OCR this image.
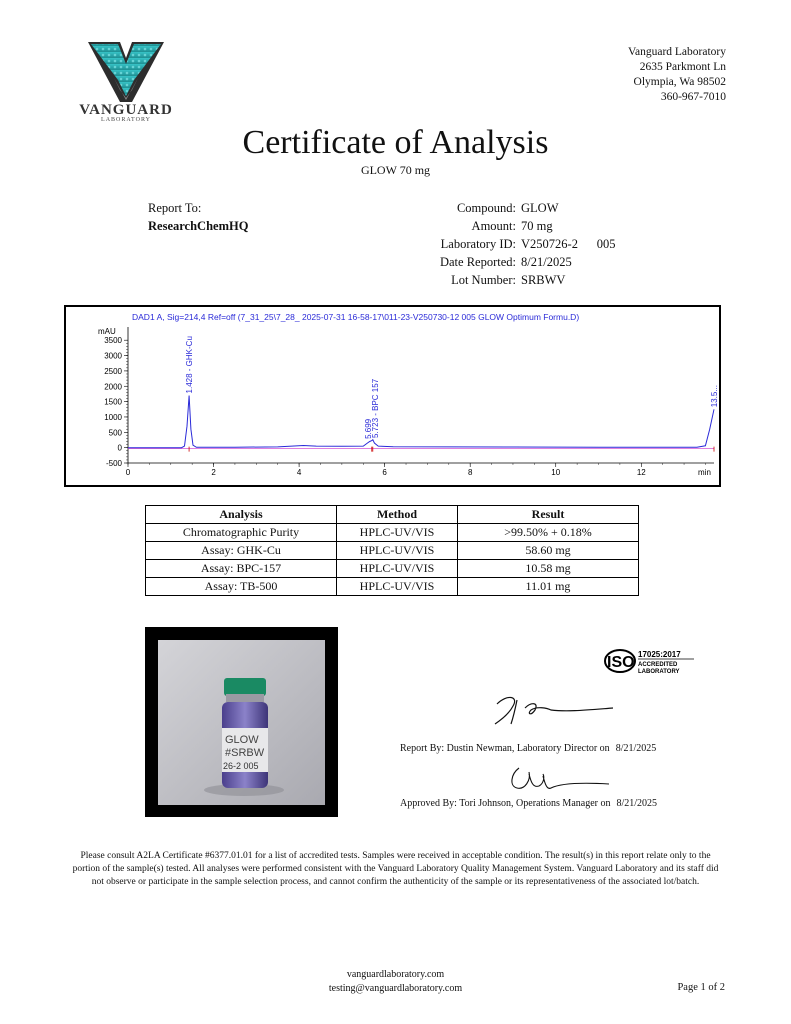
VANGUARD
LABORATORY
Vanguard Laboratory
2635 Parkmont Ln
Olympia, Wa 98502
360-967-7010
Certificate of Analysis
GLOW 70 mg
Report To:
ResearchChemHQ
Compound: GLOW
Amount: 70 mg
Laboratory ID: V250726-2      005
Date Reported: 8/21/2025
Lot Number: SRBWV
DAD1 A, Sig=214,4 Ref=off (7_31_25\7_28_ 2025-07-31 16-58-17\011-23-V250730-12 005 GLOW Optimum Formu.D)
mAU
min
-500
0
500
1000
1500
2000
2500
3000
3500
0	2	4	6	8	10	12
1.428 - GHK-Cu
5.699
5.723 - BPC 157	13.5...
Analysis	Method	Result
Chromatographic Purity	HPLC-UV/VIS	>99.50% + 0.18%
Assay: GHK-Cu	HPLC-UV/VIS	58.60 mg
Assay: BPC-157	HPLC-UV/VIS	10.58 mg
Assay: TB-500	HPLC-UV/VIS	11.01 mg
GLOW
#SRBW
26-2 005
ISO 17025:2017
ACCREDITED
LABORATORY
Report By: Dustin Newman, Laboratory Director on 8/21/2025
Approved By: Tori Johnson, Operations Manager on 8/21/2025
Please consult A2LA Certificate #6377.01.01 for a list of accredited tests. Samples were received in acceptable condition. The result(s) in this report relate only to the portion of the sample(s) tested. All analyses were performed consistent with the Vanguard Laboratory Quality Management System. Vanguard Laboratory and its staff did not observe or participate in the sample selection process, and cannot confirm the authenticity of the sample or its representativeness of the associated lot/batch.
vanguardlaboratory.com
testing@vanguardlaboratory.com	Page 1 of 2
